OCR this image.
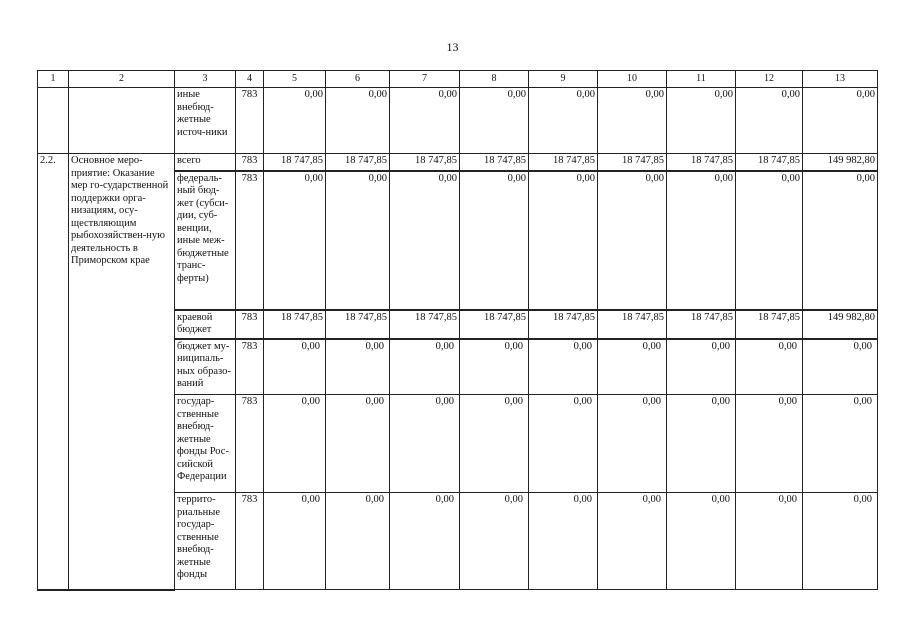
13
1	2	3	4	5	6	7	8	9	10	11	12	13
		иные внебюд-жетные источ-ники	783	0,00	0,00	0,00	0,00	0,00	0,00	0,00	0,00	0,00
2.2.	Основное меро-приятие: Оказание мер го-сударственной поддержки орга-низациям, осу-ществляющим рыбохозяйствен-ную деятельность в Приморском крае	всего	783	18 747,85	18 747,85	18 747,85	18 747,85	18 747,85	18 747,85	18 747,85	18 747,85	149 982,80
		федераль-ный бюд-жет (субси-дии, суб-венции, иные меж-бюджетные транс-ферты)	783	0,00	0,00	0,00	0,00	0,00	0,00	0,00	0,00	0,00
		краевой бюджет	783	18 747,85	18 747,85	18 747,85	18 747,85	18 747,85	18 747,85	18 747,85	18 747,85	149 982,80
		бюджет му-ниципаль-ных образо-ваний	783	0,00	0,00	0,00	0,00	0,00	0,00	0,00	0,00	0,00
		государ-ственные внебюд-жетные фонды Рос-сийской Федерации	783	0,00	0,00	0,00	0,00	0,00	0,00	0,00	0,00	0,00
		террито-риальные государ-ственные внебюд-жетные фонды	783	0,00	0,00	0,00	0,00	0,00	0,00	0,00	0,00	0,00
